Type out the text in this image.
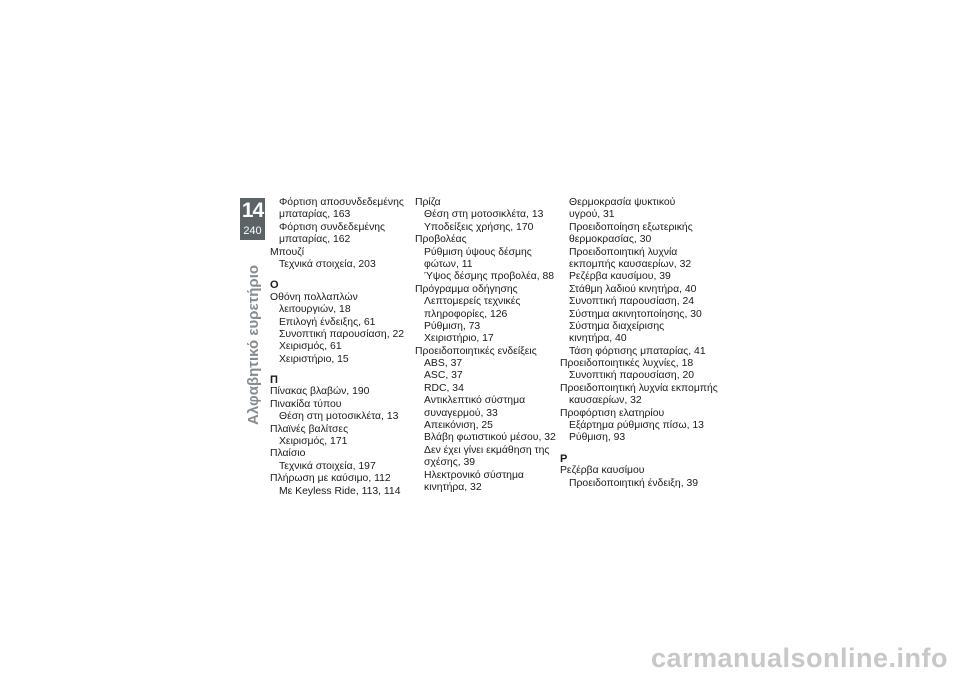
14
240
Αλφαβητικό ευρετήριο
Φόρτιση αποσυνδεδεμένης
μπαταρίας, 163
Φόρτιση συνδεδεμένης
μπαταρίας, 162
Μπουζί
Τεχνικά στοιχεία, 203
Ο
Οθόνη πολλαπλών
λειτουργιών, 18
Επιλογή ένδειξης, 61
Συνοπτική παρουσίαση, 22
Χειρισμός, 61
Χειριστήριο, 15
Π
Πίνακας βλαβών, 190
Πινακίδα τύπου
Θέση στη μοτοσικλέτα, 13
Πλαϊνές βαλίτσες
Χειρισμός, 171
Πλαίσιο
Τεχνικά στοιχεία, 197
Πλήρωση με καύσιμο, 112
Με Keyless Ride, 113, 114
Πρίζα
Θέση στη μοτοσικλέτα, 13
Υποδείξεις χρήσης, 170
Προβολέας
Ρύθμιση ύψους δέσμης
φώτων, 11
Ύψος δέσμης προβολέα, 88
Πρόγραμμα οδήγησης
Λεπτομερείς τεχνικές
πληροφορίες, 126
Ρύθμιση, 73
Χειριστήριο, 17
Προειδοποιητικές ενδείξεις
ABS, 37
ASC, 37
RDC, 34
Αντικλεπτικό σύστημα
συναγερμού, 33
Απεικόνιση, 25
Βλάβη φωτιστικού μέσου, 32
Δεν έχει γίνει εκμάθηση της
σχέσης, 39
Ηλεκτρονικό σύστημα
κινητήρα, 32
Θερμοκρασία ψυκτικού
υγρού, 31
Προειδοποίηση εξωτερικής
θερμοκρασίας, 30
Προειδοποιητική λυχνία
εκπομπής καυσαερίων, 32
Ρεζέρβα καυσίμου, 39
Στάθμη λαδιού κινητήρα, 40
Συνοπτική παρουσίαση, 24
Σύστημα ακινητοποίησης, 30
Σύστημα διαχείρισης
κινητήρα, 40
Τάση φόρτισης μπαταρίας, 41
Προειδοποιητικές λυχνίες, 18
Συνοπτική παρουσίαση, 20
Προειδοποιητική λυχνία εκπομπής
καυσαερίων, 32
Προφόρτιση ελατηρίου
Εξάρτημα ρύθμισης πίσω, 13
Ρύθμιση, 93
Ρ
Ρεζέρβα καυσίμου
Προειδοποιητική ένδειξη, 39
carmanualsonline.info
